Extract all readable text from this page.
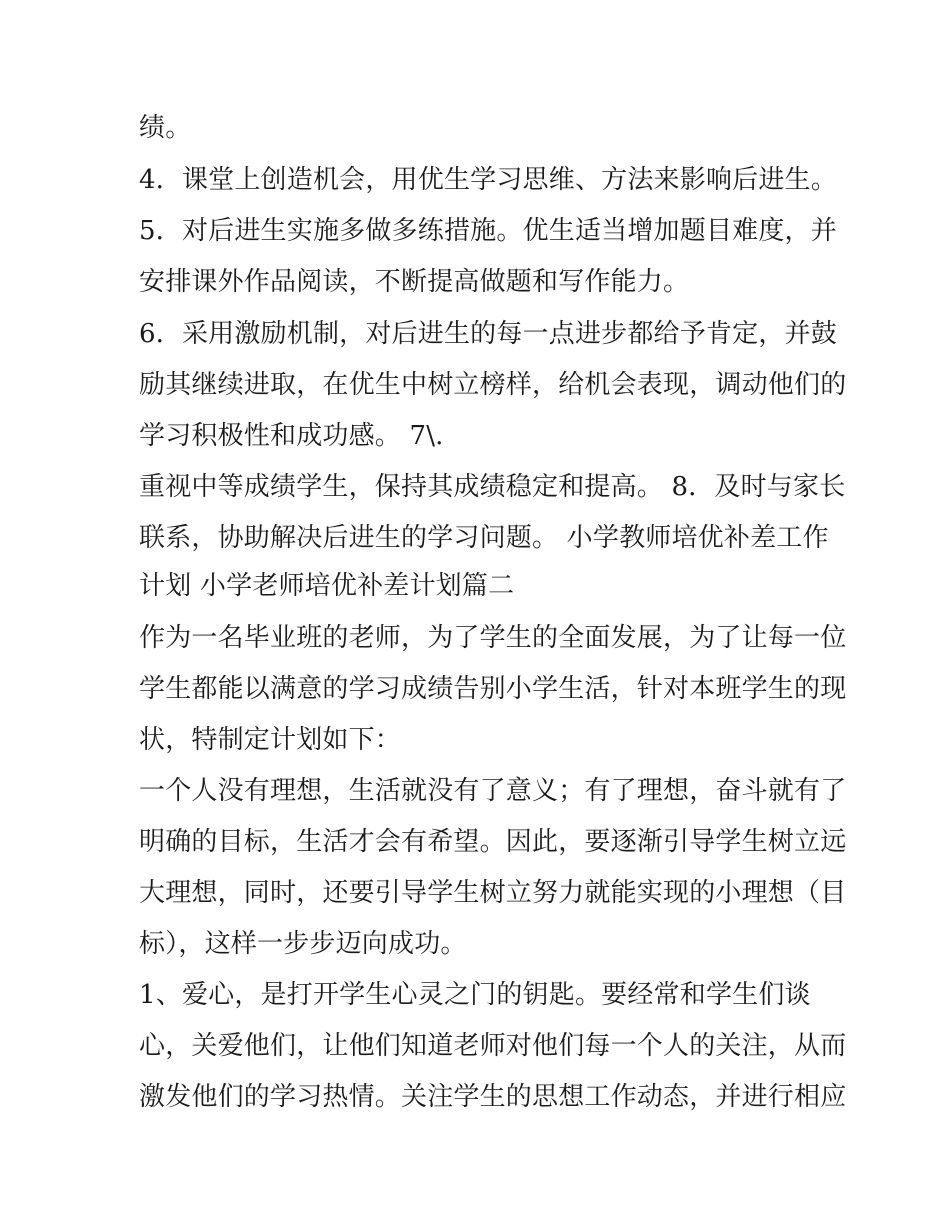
绩。
4．课堂上创造机会，用优生学习思维、方法来影响后进生。
5．对后进生实施多做多练措施。优生适当增加题目难度，并
安排课外作品阅读，不断提高做题和写作能力。
6．采用激励机制，对后进生的每一点进步都给予肯定，并鼓
励其继续进取，在优生中树立榜样，给机会表现，调动他们的
学习积极性和成功感。 7\.
重视中等成绩学生，保持其成绩稳定和提高。 8．及时与家长
联系，协助解决后进生的学习问题。 小学教师培优补差工作
计划 小学老师培优补差计划篇二
作为一名毕业班的老师，为了学生的全面发展，为了让每一位
学生都能以满意的学习成绩告别小学生活，针对本班学生的现
状，特制定计划如下：
一个人没有理想，生活就没有了意义；有了理想，奋斗就有了
明确的目标，生活才会有希望。因此，要逐渐引导学生树立远
大理想，同时，还要引导学生树立努力就能实现的小理想（目
标），这样一步步迈向成功。
1、爱心，是打开学生心灵之门的钥匙。要经常和学生们谈
心，关爱他们，让他们知道老师对他们每一个人的关注，从而
激发他们的学习热情。关注学生的思想工作动态，并进行相应
